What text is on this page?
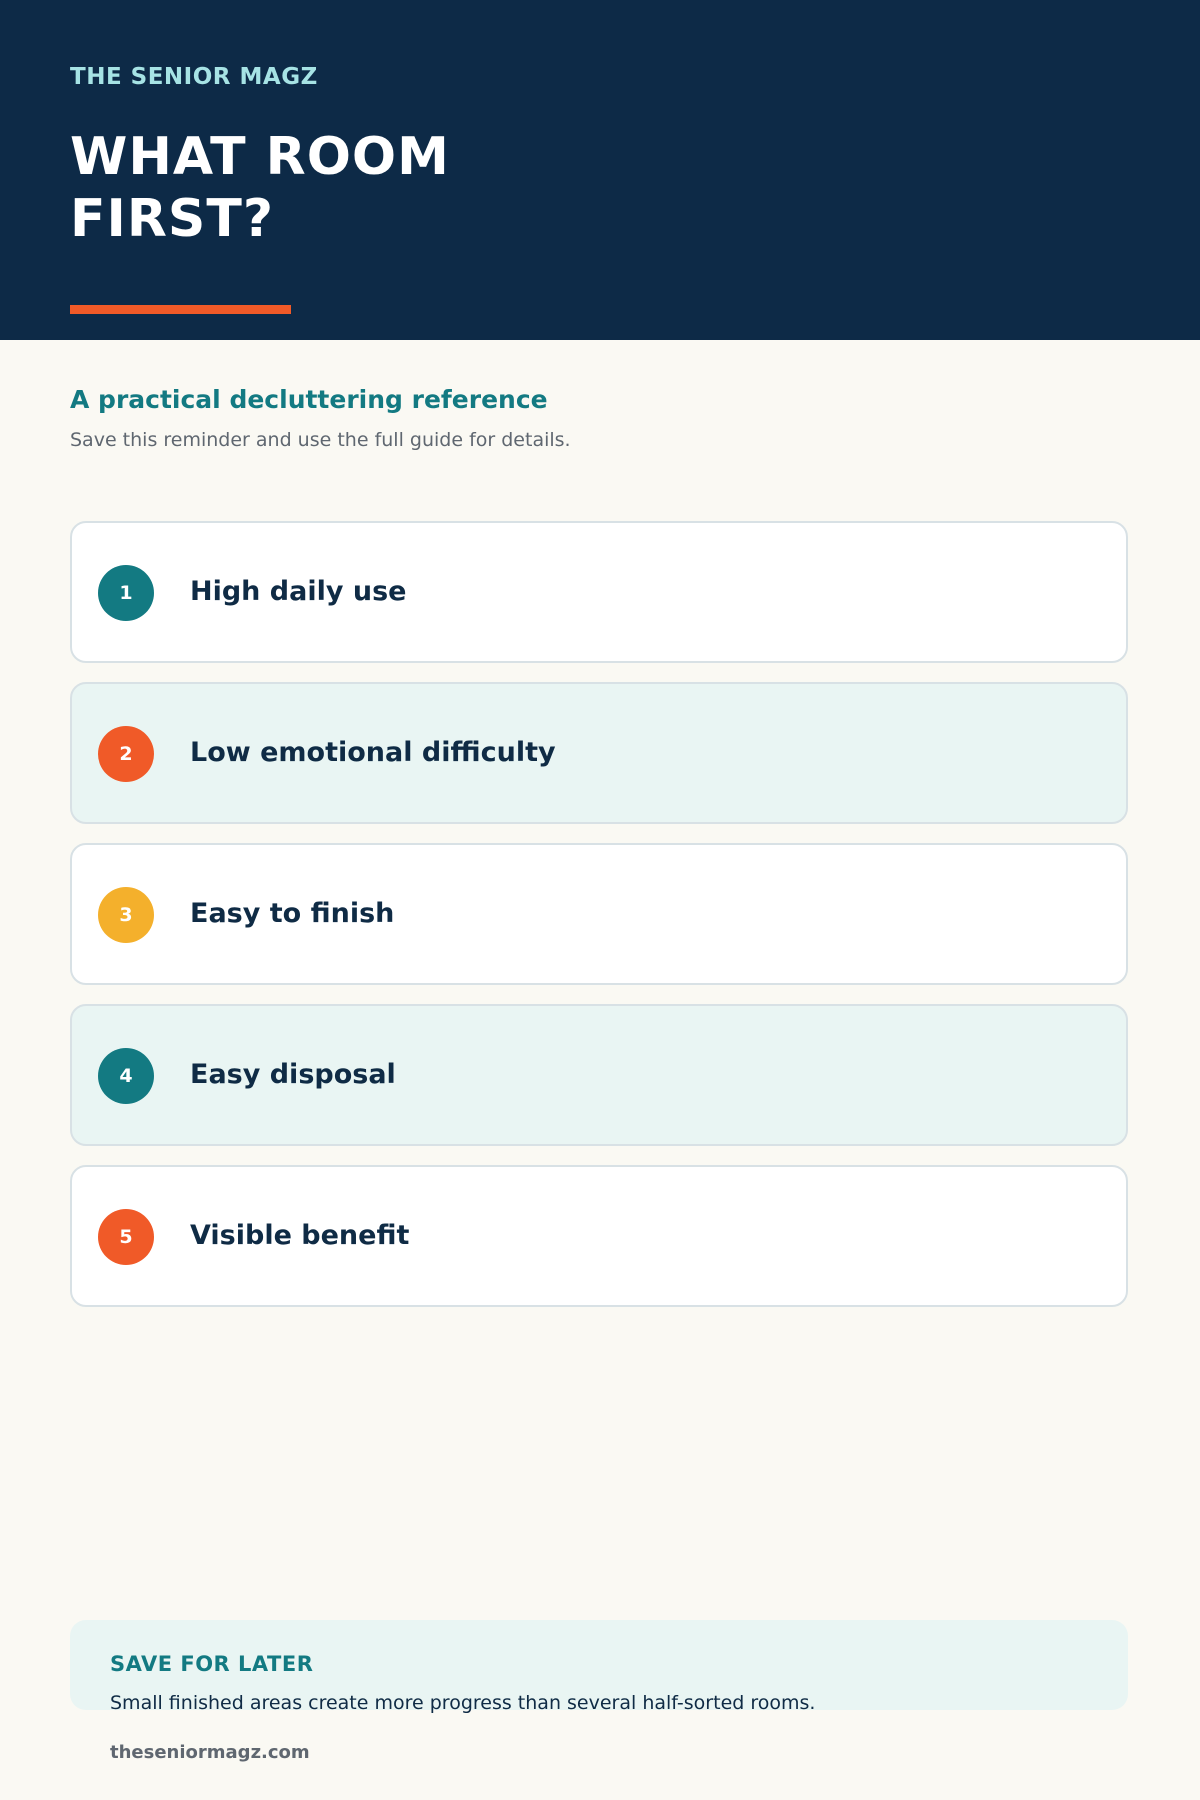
THE SENIOR MAGZ
WHAT ROOM FIRST?
A practical decluttering reference
Save this reminder and use the full guide for details.
1	High daily use
2	Low emotional difficulty
3	Easy to finish
4	Easy disposal
5	Visible benefit
SAVE FOR LATER
Small finished areas create more progress than several half-sorted rooms.
theseniormagz.com
